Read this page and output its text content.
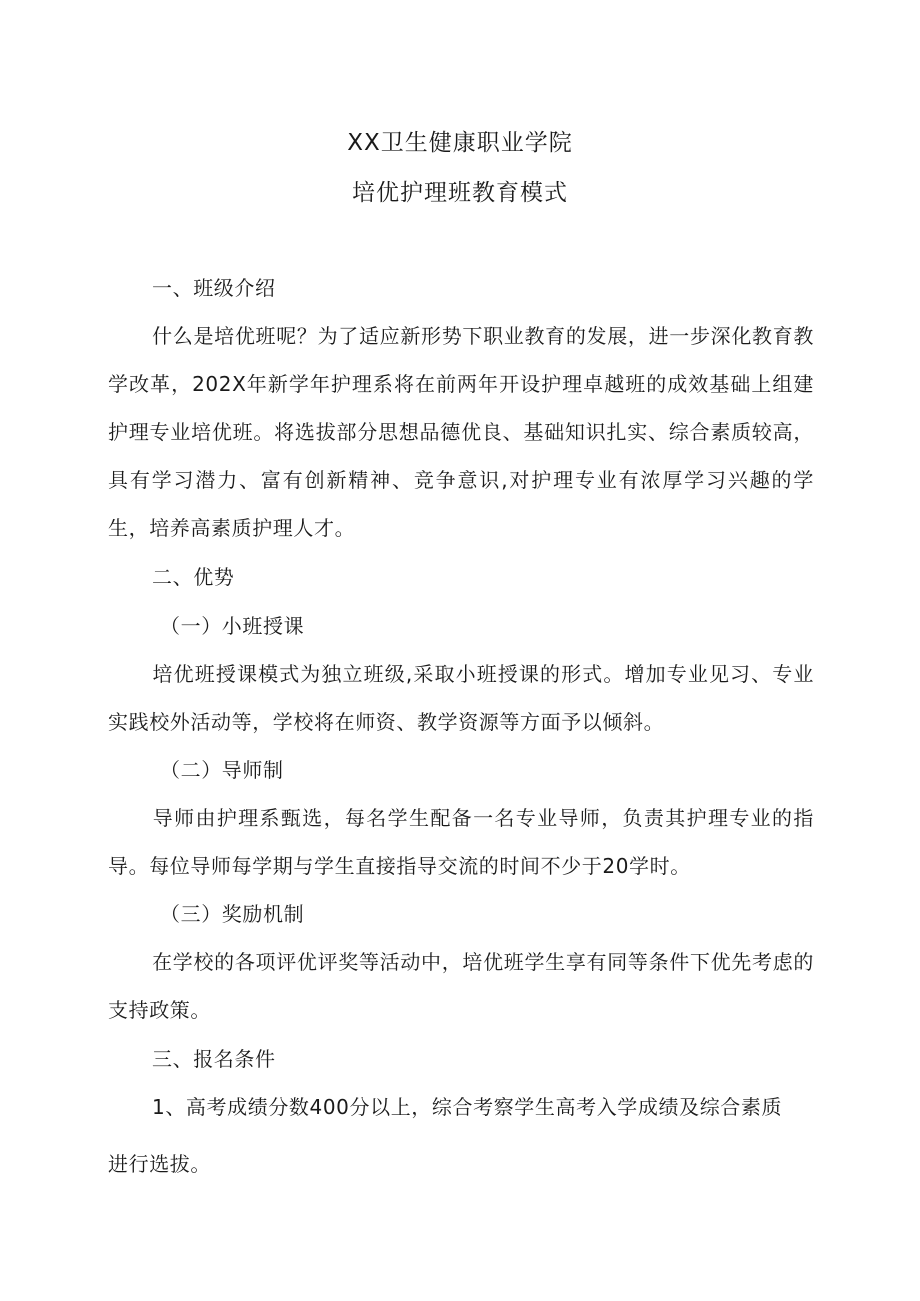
XX卫生健康职业学院
培优护理班教育模式
一、班级介绍
什么是培优班呢？为了适应新形势下职业教育的发展，进一步深化教育教学改革，202X年新学年护理系将在前两年开设护理卓越班的成效基础上组建护理专业培优班。将选拔部分思想品德优良、基础知识扎实、综合素质较高，具有学习潜力、富有创新精神、竞争意识,对护理专业有浓厚学习兴趣的学生，培养高素质护理人才。
二、优势
（一）小班授课
培优班授课模式为独立班级,采取小班授课的形式。增加专业见习、专业实践校外活动等，学校将在师资、教学资源等方面予以倾斜。
（二）导师制
导师由护理系甄选，每名学生配备一名专业导师，负责其护理专业的指导。每位导师每学期与学生直接指导交流的时间不少于20学时。
（三）奖励机制
在学校的各项评优评奖等活动中，培优班学生享有同等条件下优先考虑的支持政策。
三、报名条件
1、高考成绩分数400分以上，综合考察学生高考入学成绩及综合素质
进行选拔。
